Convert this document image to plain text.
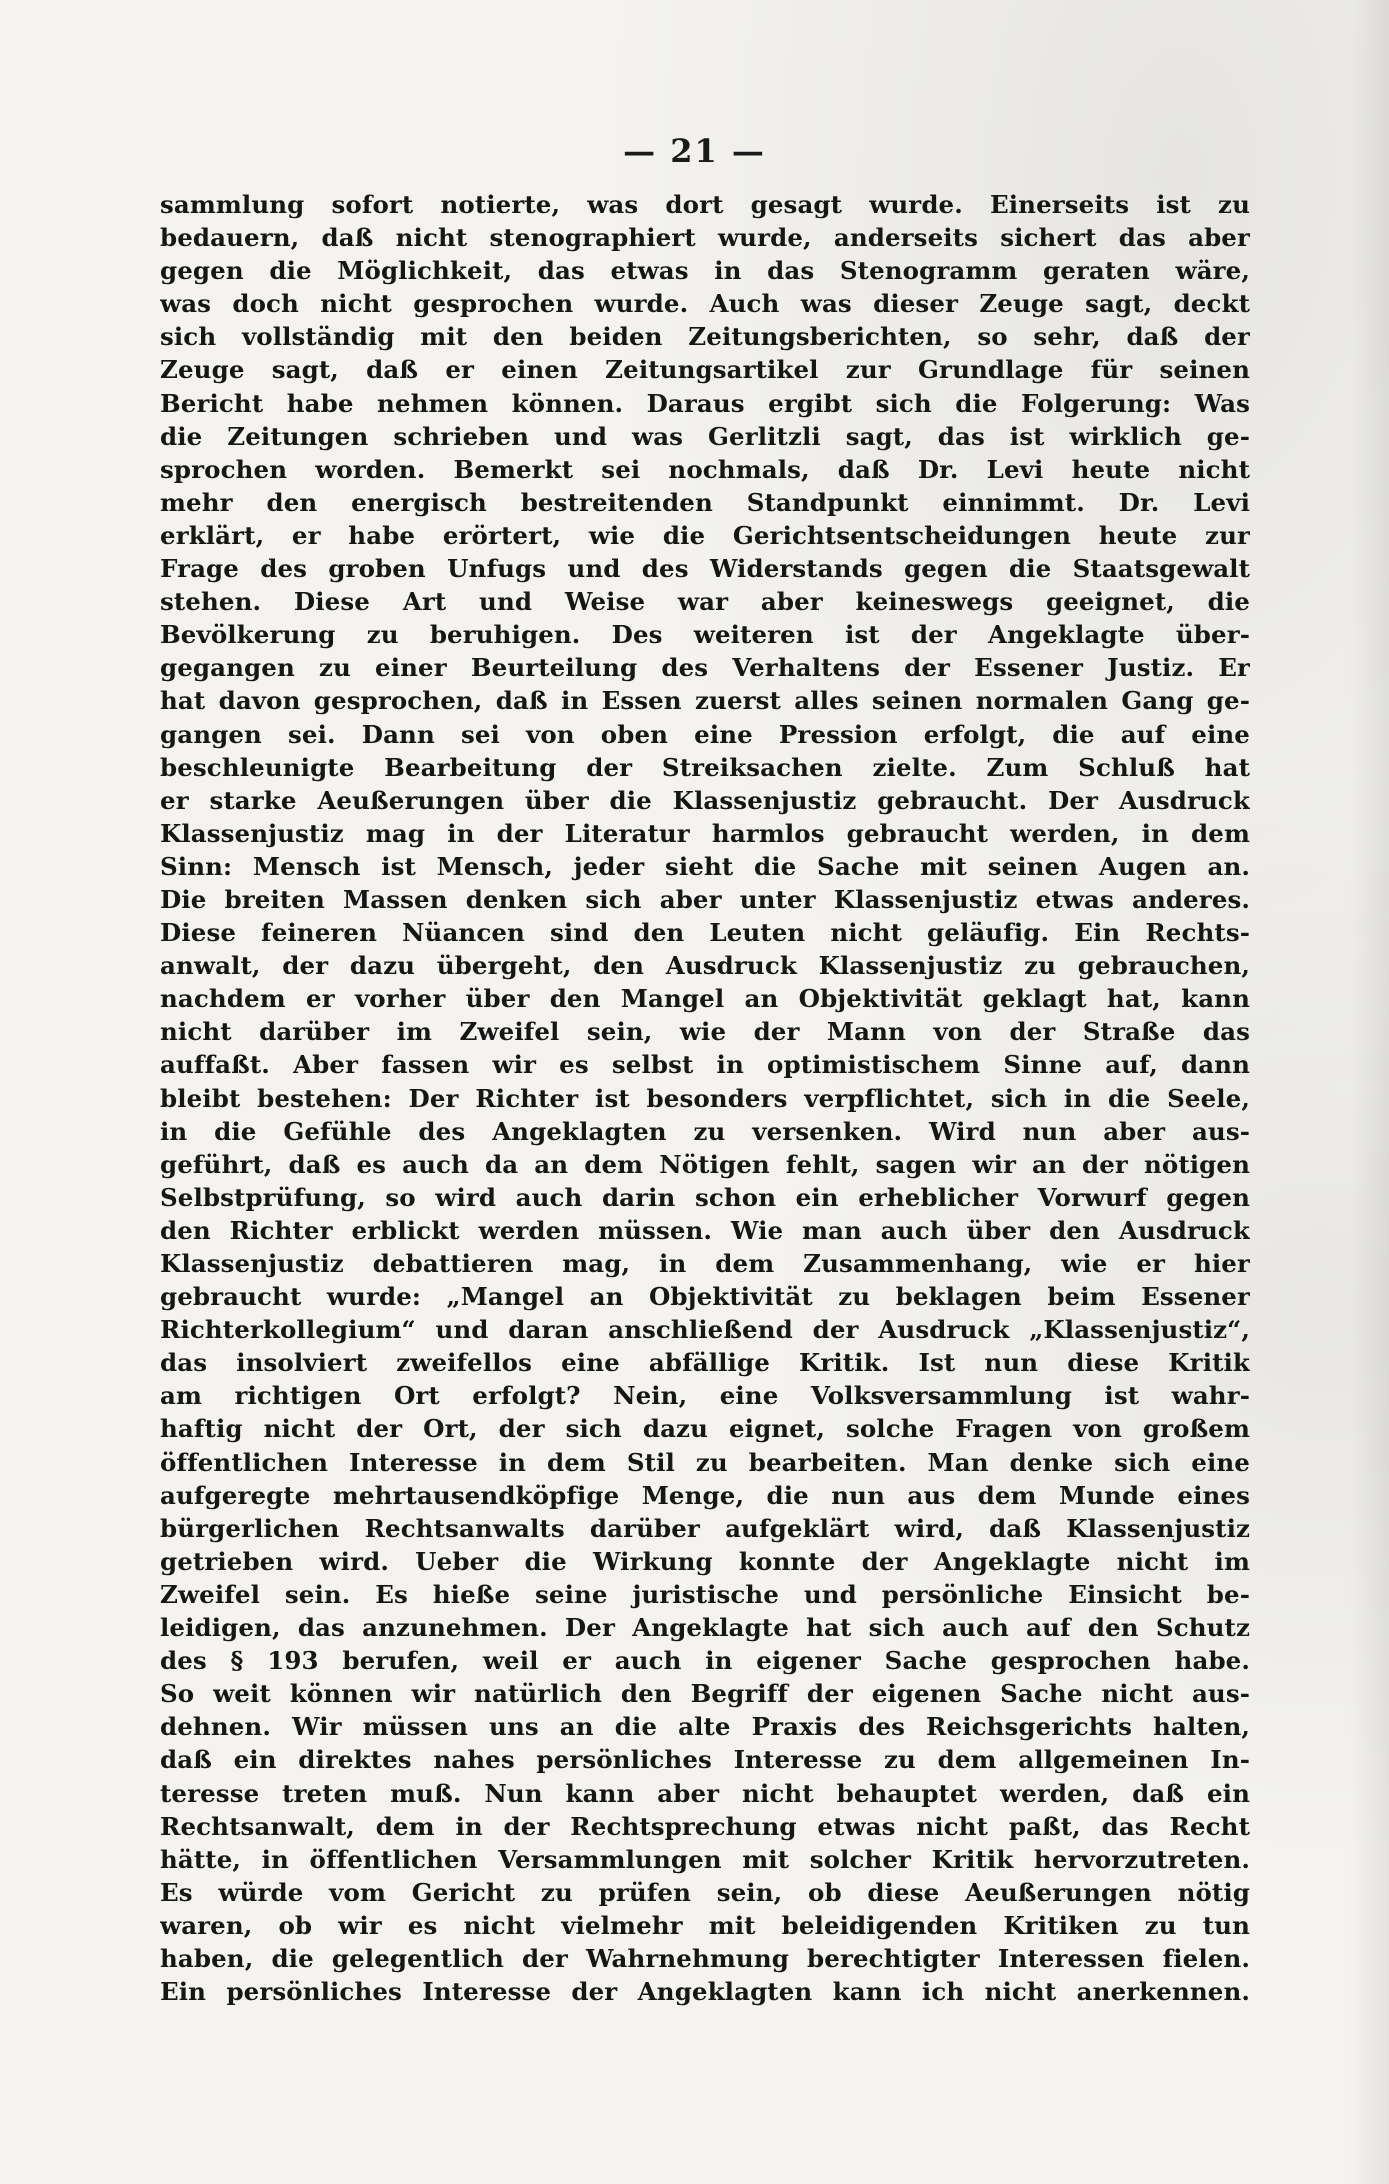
— 21 —
sammlung sofort notierte, was dort gesagt wurde. Einerseits ist zu
bedauern, daß nicht stenographiert wurde, anderseits sichert das aber
gegen die Möglichkeit, das etwas in das Stenogramm geraten wäre,
was doch nicht gesprochen wurde. Auch was dieser Zeuge sagt, deckt
sich vollständig mit den beiden Zeitungsberichten, so sehr, daß der
Zeuge sagt, daß er einen Zeitungsartikel zur Grundlage für seinen
Bericht habe nehmen können. Daraus ergibt sich die Folgerung: Was
die Zeitungen schrieben und was Gerlitzli sagt, das ist wirklich ge-
sprochen worden. Bemerkt sei nochmals, daß Dr. Levi heute nicht
mehr den energisch bestreitenden Standpunkt einnimmt. Dr. Levi
erklärt, er habe erörtert, wie die Gerichtsentscheidungen heute zur
Frage des groben Unfugs und des Widerstands gegen die Staatsgewalt
stehen. Diese Art und Weise war aber keineswegs geeignet, die
Bevölkerung zu beruhigen. Des weiteren ist der Angeklagte über-
gegangen zu einer Beurteilung des Verhaltens der Essener Justiz. Er
hat davon gesprochen, daß in Essen zuerst alles seinen normalen Gang ge-
gangen sei. Dann sei von oben eine Pression erfolgt, die auf eine
beschleunigte Bearbeitung der Streiksachen zielte. Zum Schluß hat
er starke Aeußerungen über die Klassenjustiz gebraucht. Der Ausdruck
Klassenjustiz mag in der Literatur harmlos gebraucht werden, in dem
Sinn: Mensch ist Mensch, jeder sieht die Sache mit seinen Augen an.
Die breiten Massen denken sich aber unter Klassenjustiz etwas anderes.
Diese feineren Nüancen sind den Leuten nicht geläufig. Ein Rechts-
anwalt, der dazu übergeht, den Ausdruck Klassenjustiz zu gebrauchen,
nachdem er vorher über den Mangel an Objektivität geklagt hat, kann
nicht darüber im Zweifel sein, wie der Mann von der Straße das
auffaßt. Aber fassen wir es selbst in optimistischem Sinne auf, dann
bleibt bestehen: Der Richter ist besonders verpflichtet, sich in die Seele,
in die Gefühle des Angeklagten zu versenken. Wird nun aber aus-
geführt, daß es auch da an dem Nötigen fehlt, sagen wir an der nötigen
Selbstprüfung, so wird auch darin schon ein erheblicher Vorwurf gegen
den Richter erblickt werden müssen. Wie man auch über den Ausdruck
Klassenjustiz debattieren mag, in dem Zusammenhang, wie er hier
gebraucht wurde: „Mangel an Objektivität zu beklagen beim Essener
Richterkollegium“ und daran anschließend der Ausdruck „Klassenjustiz“,
das insolviert zweifellos eine abfällige Kritik. Ist nun diese Kritik
am richtigen Ort erfolgt? Nein, eine Volksversammlung ist wahr-
haftig nicht der Ort, der sich dazu eignet, solche Fragen von großem
öffentlichen Interesse in dem Stil zu bearbeiten. Man denke sich eine
aufgeregte mehrtausendköpfige Menge, die nun aus dem Munde eines
bürgerlichen Rechtsanwalts darüber aufgeklärt wird, daß Klassenjustiz
getrieben wird. Ueber die Wirkung konnte der Angeklagte nicht im
Zweifel sein. Es hieße seine juristische und persönliche Einsicht be-
leidigen, das anzunehmen. Der Angeklagte hat sich auch auf den Schutz
des § 193 berufen, weil er auch in eigener Sache gesprochen habe.
So weit können wir natürlich den Begriff der eigenen Sache nicht aus-
dehnen. Wir müssen uns an die alte Praxis des Reichsgerichts halten,
daß ein direktes nahes persönliches Interesse zu dem allgemeinen In-
teresse treten muß. Nun kann aber nicht behauptet werden, daß ein
Rechtsanwalt, dem in der Rechtsprechung etwas nicht paßt, das Recht
hätte, in öffentlichen Versammlungen mit solcher Kritik hervorzutreten.
Es würde vom Gericht zu prüfen sein, ob diese Aeußerungen nötig
waren, ob wir es nicht vielmehr mit beleidigenden Kritiken zu tun
haben, die gelegentlich der Wahrnehmung berechtigter Interessen fielen.
Ein persönliches Interesse der Angeklagten kann ich nicht anerkennen.
